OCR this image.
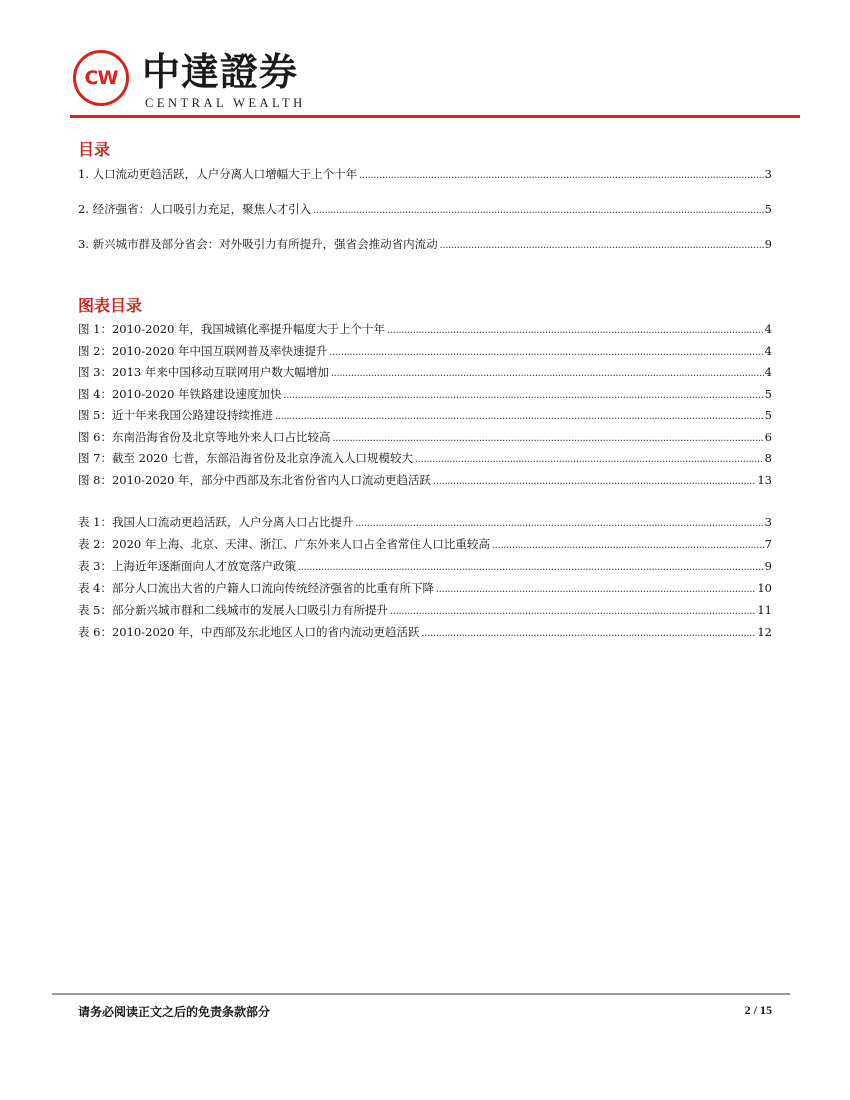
CW 中達證券
CENTRAL WEALTH
目录
1. 人口流动更趋活跃，人户分离人口增幅大于上个十年 .....	3
2. 经济强省：人口吸引力充足，聚焦人才引入 .....	5
3. 新兴城市群及部分省会：对外吸引力有所提升，强省会推动省内流动 .....	9
图表目录
图 1：2010-2020 年，我国城镇化率提升幅度大于上个十年 .....	4
图 2：2010-2020 年中国互联网普及率快速提升 .....	4
图 3：2013 年来中国移动互联网用户数大幅增加 .....	4
图 4：2010-2020 年铁路建设速度加快 .....	5
图 5：近十年来我国公路建设持续推进 .....	5
图 6：东南沿海省份及北京等地外来人口占比较高 .....	6
图 7：截至 2020 七普，东部沿海省份及北京净流入人口规模较大 .....	8
图 8：2010-2020 年，部分中西部及东北省份省内人口流动更趋活跃 .....	13
表 1：我国人口流动更趋活跃，人户分离人口占比提升 .....	3
表 2：2020 年上海、北京、天津、浙江、广东外来人口占全省常住人口比重较高 .....	7
表 3：上海近年逐渐面向人才放宽落户政策 .....	9
表 4：部分人口流出大省的户籍人口流向传统经济强省的比重有所下降 .....	10
表 5：部分新兴城市群和二线城市的发展人口吸引力有所提升 .....	11
表 6：2010-2020 年，中西部及东北地区人口的省内流动更趋活跃 .....	12
请务必阅读正文之后的免责条款部分	2 / 15
